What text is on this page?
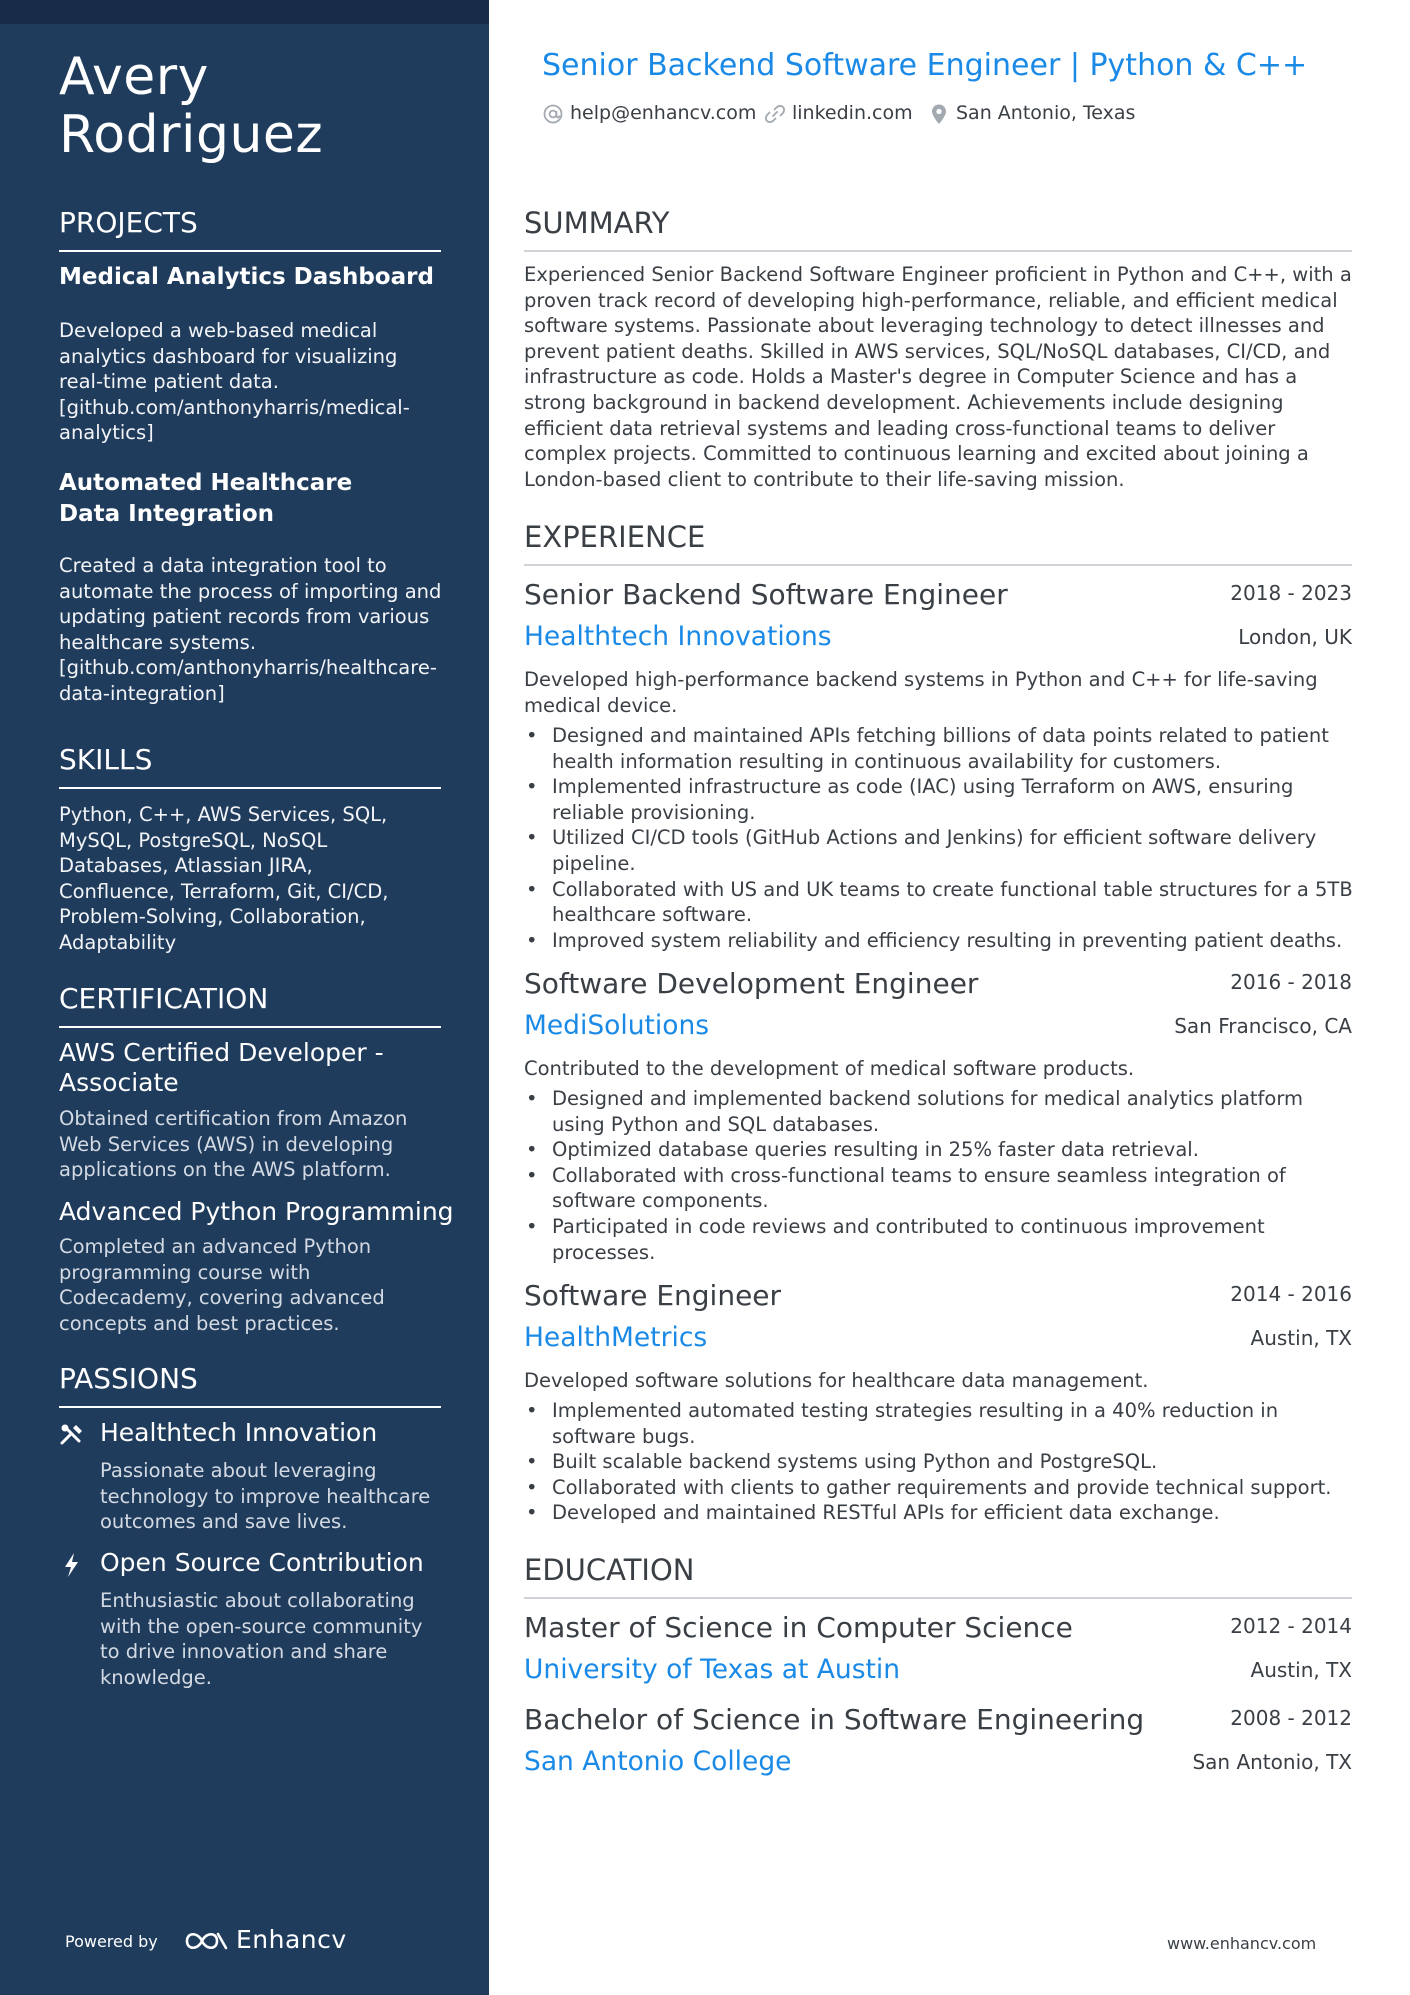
Avery
Rodriguez
PROJECTS
Medical Analytics Dashboard
Developed a web-based medical analytics dashboard for visualizing real-time patient data. [github.com/anthonyharris/medical-analytics]
Automated Healthcare Data Integration
Created a data integration tool to automate the process of importing and updating patient records from various healthcare systems. [github.com/anthonyharris/healthcare-data-integration]
SKILLS
Python, C++, AWS Services, SQL, MySQL, PostgreSQL, NoSQL Databases, Atlassian JIRA, Confluence, Terraform, Git, CI/CD, Problem-Solving, Collaboration, Adaptability
CERTIFICATION
AWS Certified Developer - Associate
Obtained certification from Amazon Web Services (AWS) in developing applications on the AWS platform.
Advanced Python Programming
Completed an advanced Python programming course with Codecademy, covering advanced concepts and best practices.
PASSIONS
Healthtech Innovation
Passionate about leveraging technology to improve healthcare outcomes and save lives.
Open Source Contribution
Enthusiastic about collaborating with the open-source community to drive innovation and share knowledge.
Powered by	Enhancv
Senior Backend Software Engineer | Python & C++
help@enhancv.com linkedin.com San Antonio, Texas
SUMMARY
Experienced Senior Backend Software Engineer proficient in Python and C++, with a proven track record of developing high-performance, reliable, and efficient medical software systems. Passionate about leveraging technology to detect illnesses and prevent patient deaths. Skilled in AWS services, SQL/NoSQL databases, CI/CD, and infrastructure as code. Holds a Master's degree in Computer Science and has a strong background in backend development. Achievements include designing efficient data retrieval systems and leading cross-functional teams to deliver complex projects. Committed to continuous learning and excited about joining a London-based client to contribute to their life-saving mission.
EXPERIENCE
Senior Backend Software Engineer	2018 - 2023
Healthtech Innovations	London, UK
Developed high-performance backend systems in Python and C++ for life-saving medical device.
• Designed and maintained APIs fetching billions of data points related to patient health information resulting in continuous availability for customers.
• Implemented infrastructure as code (IAC) using Terraform on AWS, ensuring reliable provisioning.
• Utilized CI/CD tools (GitHub Actions and Jenkins) for efficient software delivery pipeline.
• Collaborated with US and UK teams to create functional table structures for a 5TB healthcare software.
• Improved system reliability and efficiency resulting in preventing patient deaths.
Software Development Engineer	2016 - 2018
MediSolutions	San Francisco, CA
Contributed to the development of medical software products.
• Designed and implemented backend solutions for medical analytics platform using Python and SQL databases.
• Optimized database queries resulting in 25% faster data retrieval.
• Collaborated with cross-functional teams to ensure seamless integration of software components.
• Participated in code reviews and contributed to continuous improvement processes.
Software Engineer	2014 - 2016
HealthMetrics	Austin, TX
Developed software solutions for healthcare data management.
• Implemented automated testing strategies resulting in a 40% reduction in software bugs.
• Built scalable backend systems using Python and PostgreSQL.
• Collaborated with clients to gather requirements and provide technical support.
• Developed and maintained RESTful APIs for efficient data exchange.
EDUCATION
Master of Science in Computer Science	2012 - 2014
University of Texas at Austin	Austin, TX
Bachelor of Science in Software Engineering	2008 - 2012
San Antonio College	San Antonio, TX
www.enhancv.com
